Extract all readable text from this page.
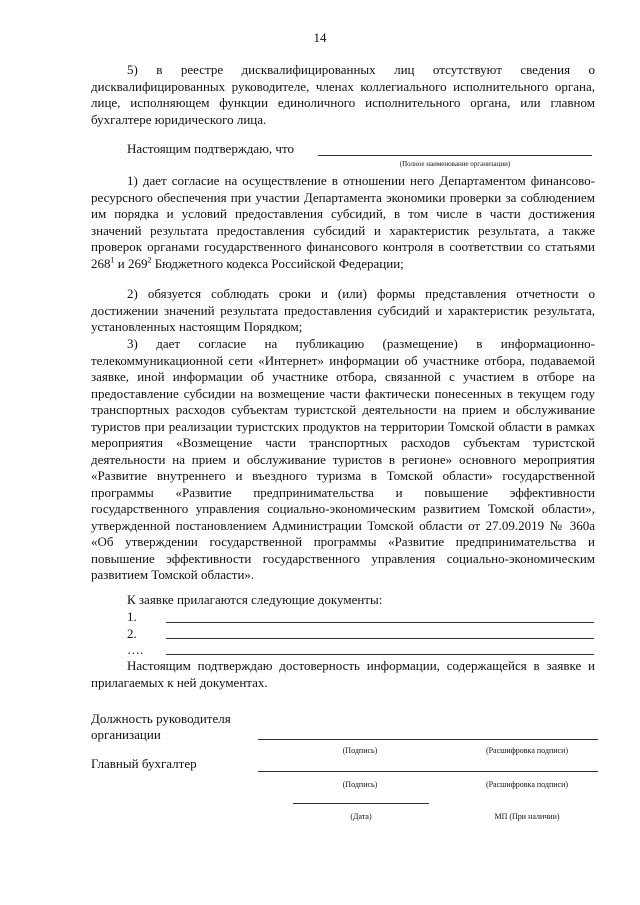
14

5) в реестре дисквалифицированных лиц отсутствуют сведения о дисквалифицированных руководителе, членах коллегиального исполнительного органа, лице, исполняющем функции единоличного исполнительного органа, или главном бухгалтере юридического лица.

Настоящим подтверждаю, что

(Полное наименование организации)

1) дает согласие на осуществление в отношении него Департаментом финансово-ресурсного обеспечения при участии Департамента экономики проверки за соблюдением им порядка и условий предоставления субсидий, в том числе в части достижения значений результата предоставления субсидий и характеристик результата, а также проверок органами государственного финансового контроля в соответствии со статьями $268^1$ и $269^2$ Бюджетного кодекса Российской Федерации;

2) обязуется соблюдать сроки и (или) формы представления отчетности о достижении значений результата предоставления субсидий и характеристик результата, установленных настоящим Порядком;

3) дает согласие на публикацию (размещение) в информационно-телекоммуникационной сети «Интернет» информации об участнике отбора, подаваемой заявке, иной информации об участнике отбора, связанной с участием в отборе на предоставление субсидии на возмещение части фактически понесенных в текущем году транспортных расходов субъектам туристской деятельности на прием и обслуживание туристов при реализации туристских продуктов на территории Томской области в рамках мероприятия «Возмещение части транспортных расходов субъектам туристской деятельности на прием и обслуживание туристов в регионе» основного мероприятия «Развитие внутреннего и въездного туризма в Томской области» государственной программы «Развитие предпринимательства и повышение эффективности государственного управления социально-экономическим развитием Томской области», утвержденной постановлением Администрации Томской области от 27.09.2019 № 360а «Об утверждении государственной программы «Развитие предпринимательства и повышение эффективности государственного управления социально-экономическим развитием Томской области».

К заявке прилагаются следующие документы:

1.

2.

….

Настоящим подтверждаю достоверность информации, содержащейся в заявке и прилагаемых к ней документах.

Должность руководителя

организации

(Подпись)	(Расшифровка подписи)

Главный бухгалтер

(Подпись)	(Расшифровка подписи)
(Дата)	МП (При наличии)
